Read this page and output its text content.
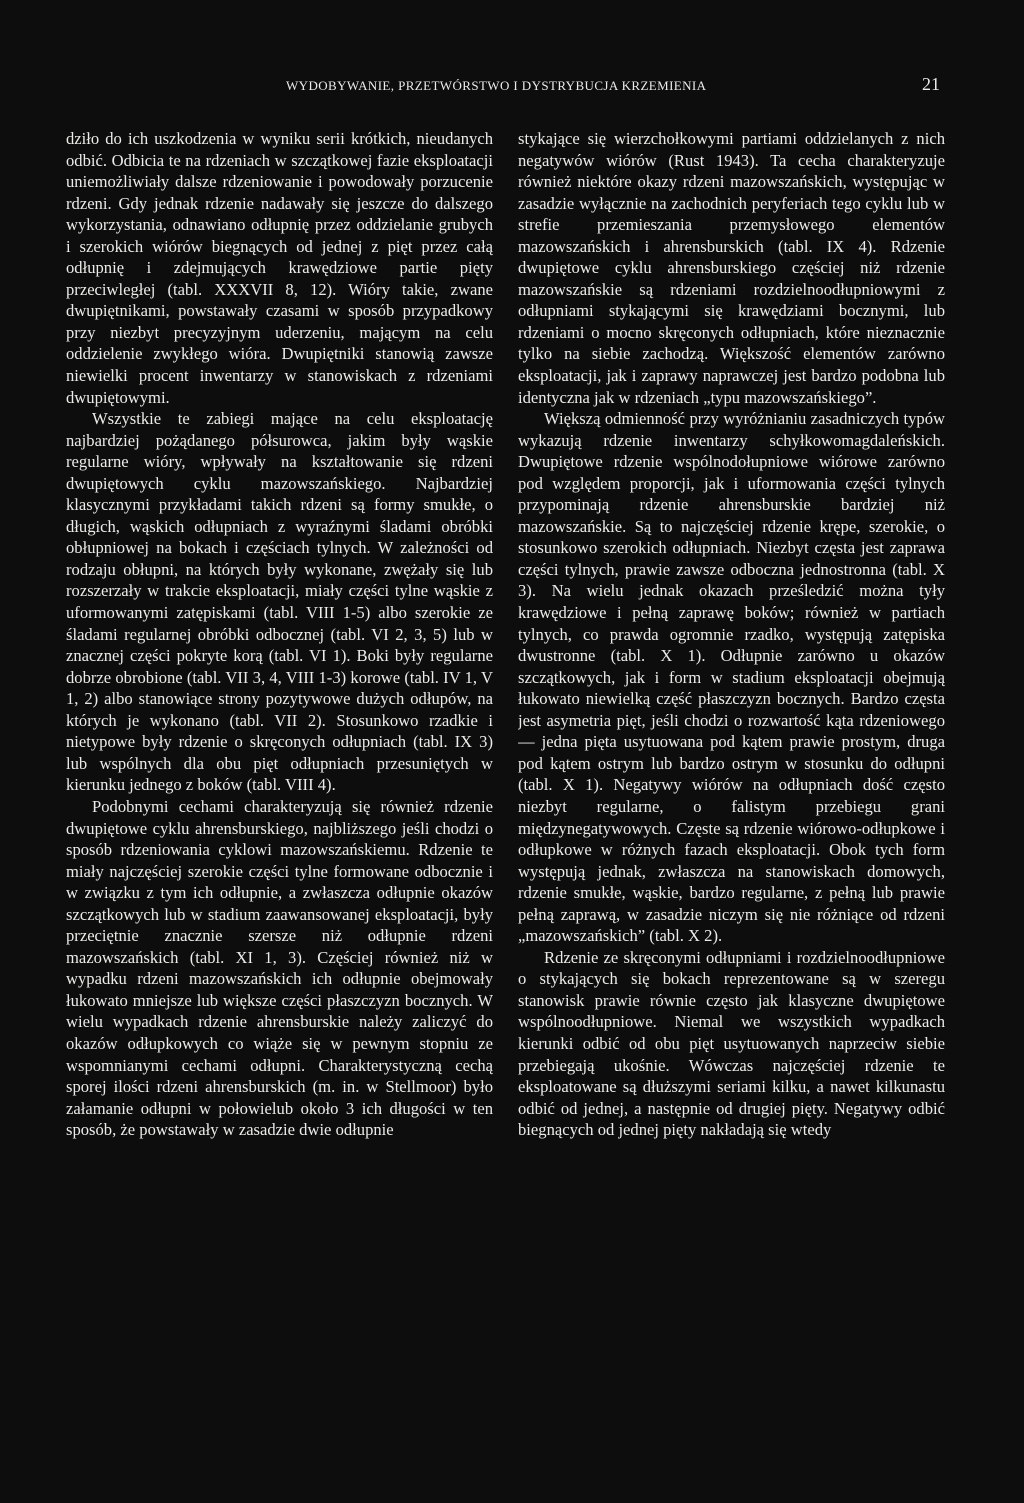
WYDOBYWANIE, PRZETWÓRSTWO I DYSTRYBUCJA KRZEMIENIA	21

dziło do ich uszkodzenia w wyniku serii krótkich, nieudanych odbić. Odbicia te na rdzeniach w szczątkowej fazie eksploatacji uniemożliwiały dalsze rdzeniowanie i powodowały porzucenie rdzeni. Gdy jednak rdzenie nadawały się jeszcze do dalszego wykorzystania, odnawiano odłupnię przez oddzielanie grubych i szerokich wiórów biegnących od jednej z pięt przez całą odłupnię i zdejmujących krawędziowe partie pięty przeciwległej (tabl. XXXVII 8, 12). Wióry takie, zwane dwupiętnikami, powstawały czasami w sposób przypadkowy przy niezbyt precyzyjnym uderzeniu, mającym na celu oddzielenie zwykłego wióra. Dwupiętniki stanowią zawsze niewielki procent inwentarzy w stanowiskach z rdzeniami dwupiętowymi.

Wszystkie te zabiegi mające na celu eksploatację najbardziej pożądanego półsurowca, jakim były wąskie regularne wióry, wpływały na kształtowanie się rdzeni dwupiętowych cyklu mazowszańskiego. Najbardziej klasycznymi przykładami takich rdzeni są formy smukłe, o długich, wąskich odłupniach z wyraźnymi śladami obróbki obłupniowej na bokach i częściach tylnych. W zależności od rodzaju obłupni, na których były wykonane, zwężały się lub rozszerzały w trakcie eksploatacji, miały części tylne wąskie z uformowanymi zatępiskami (tabl. VIII 1-5) albo szerokie ze śladami regularnej obróbki odbocznej (tabl. VI 2, 3, 5) lub w znacznej części pokryte korą (tabl. VI 1). Boki były regularne dobrze obrobione (tabl. VII 3, 4, VIII 1-3) korowe (tabl. IV 1, V 1, 2) albo stanowiące strony pozytywowe dużych odłupów, na których je wykonano (tabl. VII 2). Stosunkowo rzadkie i nietypowe były rdzenie o skręconych odłupniach (tabl. IX 3) lub wspólnych dla obu pięt odłupniach przesuniętych w kierunku jednego z boków (tabl. VIII 4).

Podobnymi cechami charakteryzują się również rdzenie dwupiętowe cyklu ahrensburskiego, najbliższego jeśli chodzi o sposób rdzeniowania cyklowi mazowszańskiemu. Rdzenie te miały najczęściej szerokie części tylne formowane odbocznie i w związku z tym ich odłupnie, a zwłaszcza odłupnie okazów szczątkowych lub w stadium zaawansowanej eksploatacji, były przeciętnie znacznie szersze niż odłupnie rdzeni mazowszańskich (tabl. XI 1, 3). Częściej również niż w wypadku rdzeni mazowszańskich ich odłupnie obejmowały łukowato mniejsze lub większe części płaszczyzn bocznych. W wielu wypadkach rdzenie ahrensburskie należy zaliczyć do okazów odłupkowych co wiąże się w pewnym stopniu ze wspomnianymi cechami odłupni. Charakterystyczną cechą sporej ilości rdzeni ahrensburskich (m. in. w Stellmoor) było załamanie odłupni w połowielub około 3 ich długości w ten sposób, że powstawały w zasadzie dwie odłupnie

stykające się wierzchołkowymi partiami oddzielanych z nich negatywów wiórów (Rust 1943). Ta cecha charakteryzuje również niektóre okazy rdzeni mazowszańskich, występując w zasadzie wyłącznie na zachodnich peryferiach tego cyklu lub w strefie przemieszania przemysłowego elementów mazowszańskich i ahrensburskich (tabl. IX 4). Rdzenie dwupiętowe cyklu ahrensburskiego częściej niż rdzenie mazowszańskie są rdzeniami rozdzielnoodłupniowymi z odłupniami stykającymi się krawędziami bocznymi, lub rdzeniami o mocno skręconych odłupniach, które nieznacznie tylko na siebie zachodzą. Większość elementów zarówno eksploatacji, jak i zaprawy naprawczej jest bardzo podobna lub identyczna jak w rdzeniach „typu mazowszańskiego”.

Większą odmienność przy wyróżnianiu zasadniczych typów wykazują rdzenie inwentarzy schyłkowomagdaleńskich. Dwupiętowe rdzenie wspólnodołupniowe wiórowe zarówno pod względem proporcji, jak i uformowania części tylnych przypominają rdzenie ahrensburskie bardziej niż mazowszańskie. Są to najczęściej rdzenie krępe, szerokie, o stosunkowo szerokich odłupniach. Niezbyt częsta jest zaprawa części tylnych, prawie zawsze odboczna jednostronna (tabl. X 3). Na wielu jednak okazach prześledzić można tyły krawędziowe i pełną zaprawę boków; również w partiach tylnych, co prawda ogromnie rzadko, występują zatępiska dwustronne (tabl. X 1). Odłupnie zarówno u okazów szczątkowych, jak i form w stadium eksploatacji obejmują łukowato niewielką część płaszczyzn bocznych. Bardzo częsta jest asymetria pięt, jeśli chodzi o rozwartość kąta rdzeniowego — jedna pięta usytuowana pod kątem prawie prostym, druga pod kątem ostrym lub bardzo ostrym w stosunku do odłupni (tabl. X 1). Negatywy wiórów na odłupniach dość często niezbyt regularne, o falistym przebiegu grani międzynegatywowych. Częste są rdzenie wiórowo-odłupkowe i odłupkowe w różnych fazach eksploatacji. Obok tych form występują jednak, zwłaszcza na stanowiskach domowych, rdzenie smukłe, wąskie, bardzo regularne, z pełną lub prawie pełną zaprawą, w zasadzie niczym się nie różniące od rdzeni „mazowszańskich” (tabl. X 2).

Rdzenie ze skręconymi odłupniami i rozdzielnoodłupniowe o stykających się bokach reprezentowane są w szeregu stanowisk prawie równie często jak klasyczne dwupiętowe wspólnoodłupniowe. Niemal we wszystkich wypadkach kierunki odbić od obu pięt usytuowanych naprzeciw siebie przebiegają ukośnie. Wówczas najczęściej rdzenie te eksploatowane są dłuższymi seriami kilku, a nawet kilkunastu odbić od jednej, a następnie od drugiej pięty. Negatywy odbić biegnących od jednej pięty nakładają się wtedy
